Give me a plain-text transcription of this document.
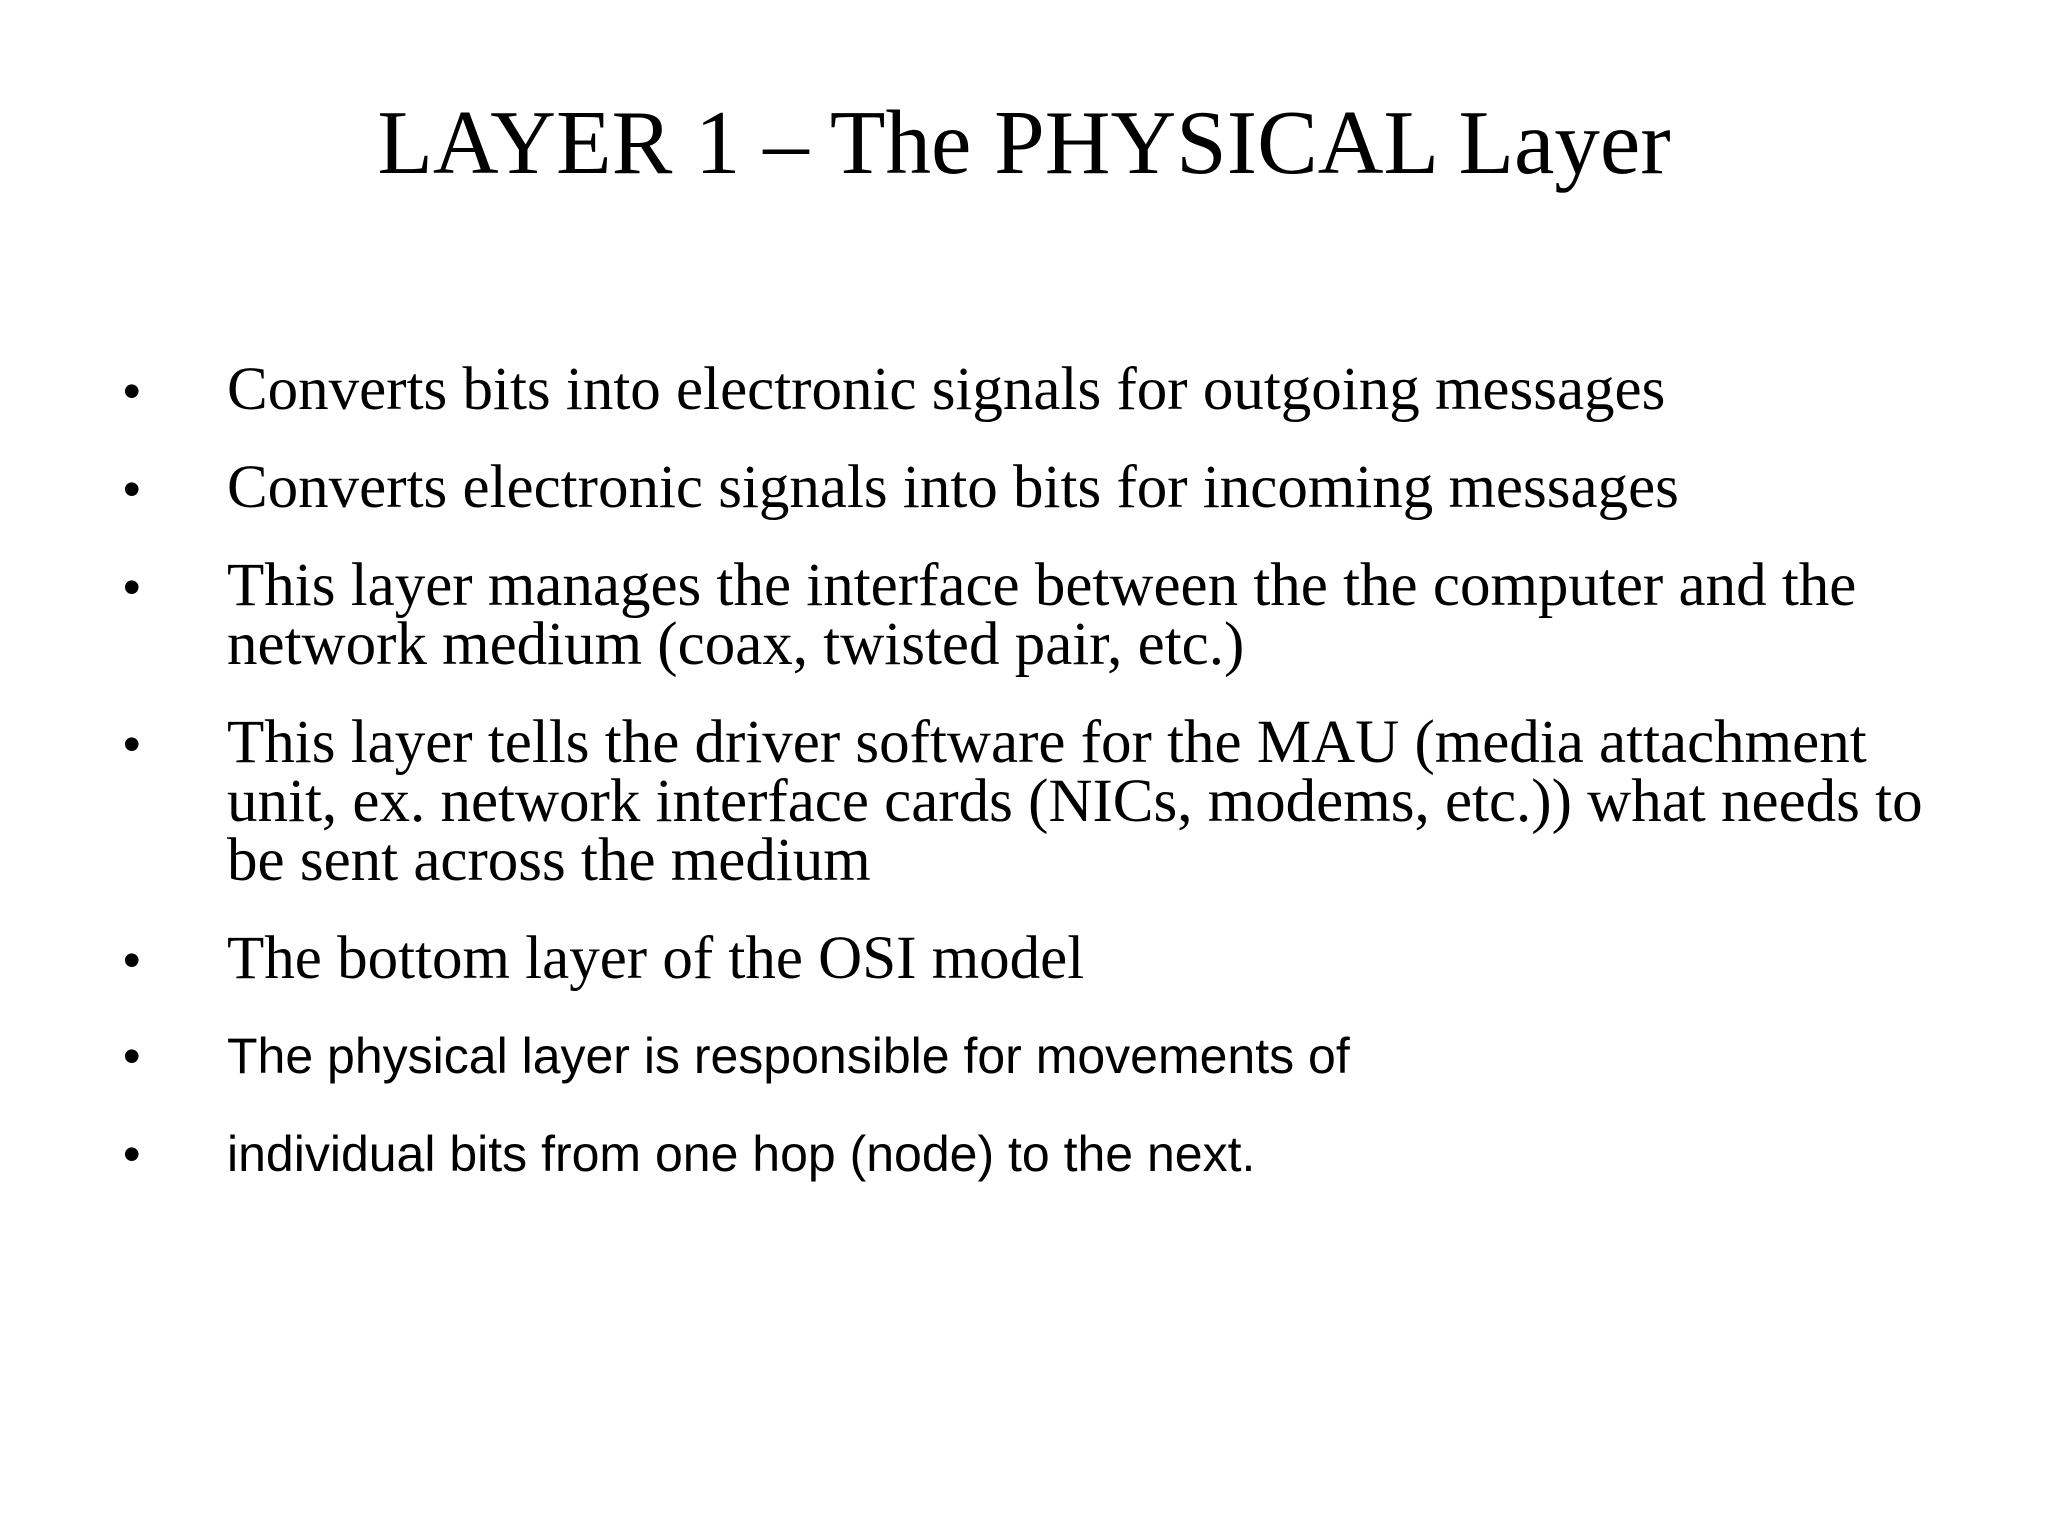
LAYER 1 – The PHYSICAL Layer
• Converts bits into electronic signals for outgoing messages
• Converts electronic signals into bits for incoming messages
• This layer manages the interface between the the computer and the network medium (coax, twisted pair, etc.)
• This layer tells the driver software for the MAU (media attachment unit, ex. network interface cards (NICs, modems, etc.)) what needs to be sent across the medium
• The bottom layer of the OSI model
• The physical layer is responsible for movements of
• individual bits from one hop (node) to the next.
